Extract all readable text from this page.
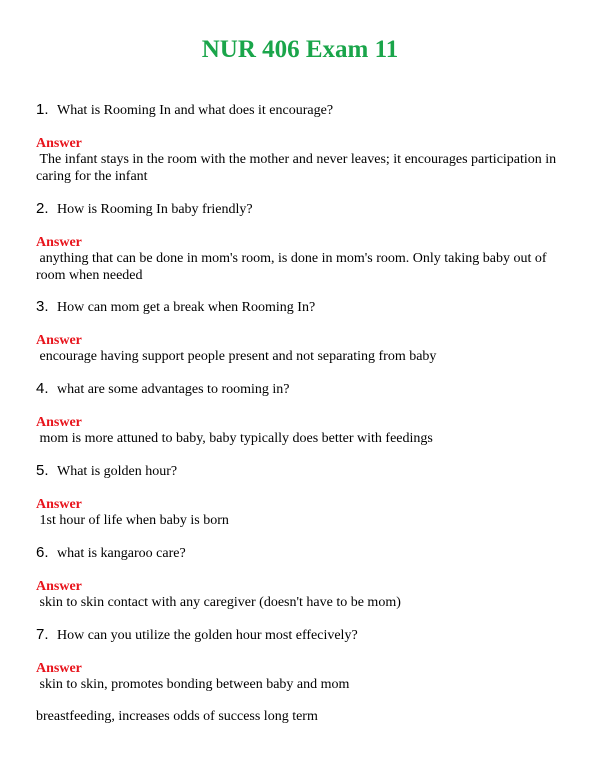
NUR 406 Exam 11

1. What is Rooming In and what does it encourage?

Answer

The infant stays in the room with the mother and never leaves; it encourages participation in caring for the infant

2. How is Rooming In baby friendly?

Answer

anything that can be done in mom's room, is done in mom's room. Only taking baby out of room when needed

3. How can mom get a break when Rooming In?

Answer

encourage having support people present and not separating from baby

4. what are some advantages to rooming in?

Answer

mom is more attuned to baby, baby typically does better with feedings

5. What is golden hour?

Answer

1st hour of life when baby is born

6. what is kangaroo care?

Answer

skin to skin contact with any caregiver (doesn't have to be mom)

7. How can you utilize the golden hour most effecively?

Answer

skin to skin, promotes bonding between baby and mom

breastfeeding, increases odds of success long term
